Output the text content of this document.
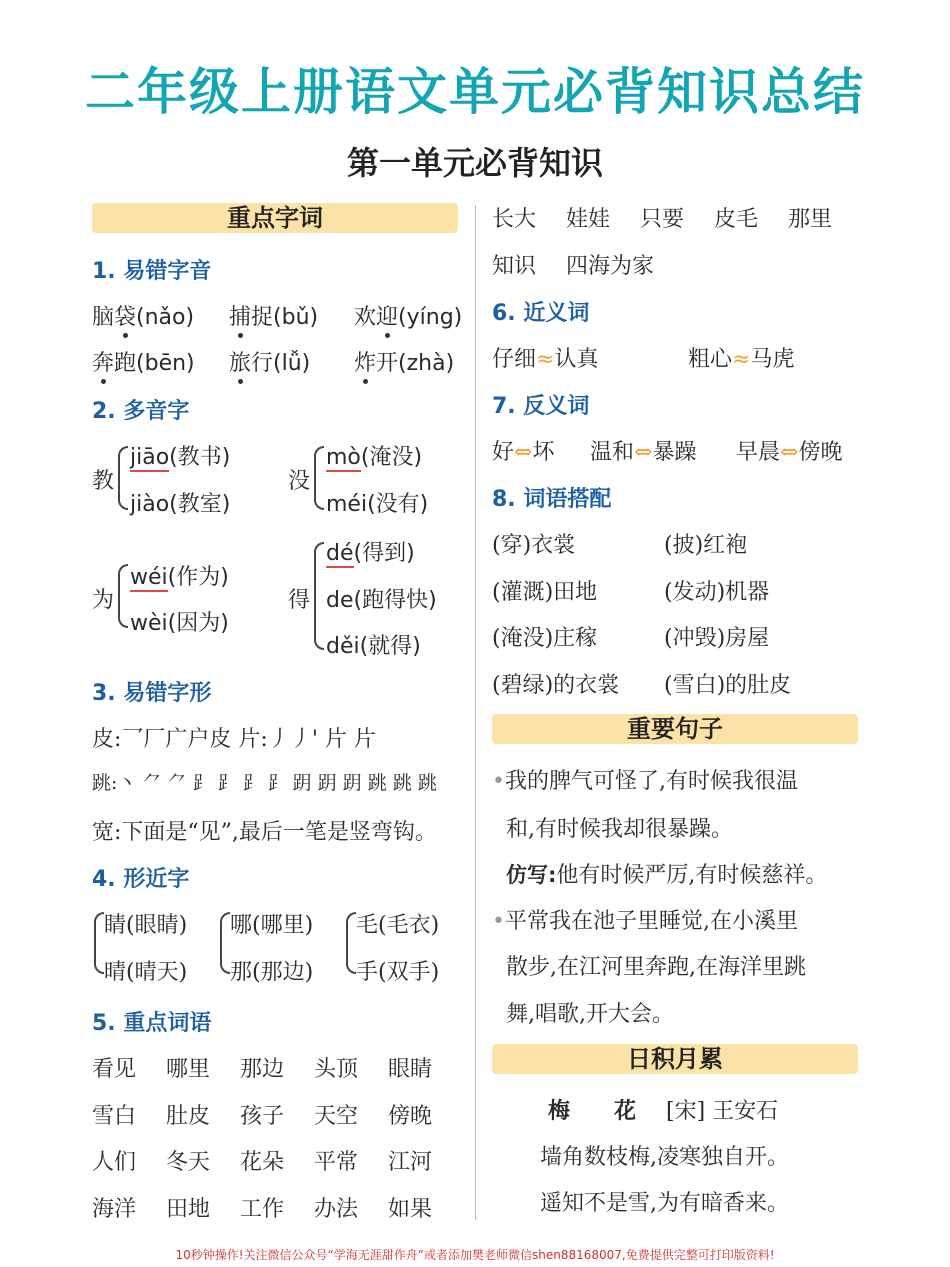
二年级上册语文单元必背知识总结
第一单元必背知识
重点字词
1. 易错字音
脑袋(nǎo) 捕捉(bǔ) 欢迎(yíng)
奔跑(bēn) 旅行(lǚ) 炸开(zhà)
2. 多音字
教
jiāo(教书)
jiào(教室)
没
mò(淹没)
méi(没有)
为
wéi(作为)
wèi(因为)
得
dé(得到)
de(跑得快)
děi(就得)
3. 易错字形
皮:乛厂广户皮 片:丿丿' 片 片
跳:丶 ⺈ ⺈ ⻊ ⻊ ⻊ ⻊ 跀 跀 跀 跳 跳 跳
宽:下面是“见”,最后一笔是竖弯钩。
4. 形近字
睛(眼睛)
晴(晴天)
哪(哪里)
那(那边)
毛(毛衣)
手(双手)
5. 重点词语
看见 哪里 那边 头顶 眼睛
雪白 肚皮 孩子 天空 傍晚
人们 冬天 花朵 平常 江河
海洋 田地 工作 办法 如果
长大 娃娃 只要 皮毛 那里
知识 四海为家
6. 近义词
仔细≈认真	粗心≈马虎
7. 反义词
好⇔坏 温和⇔暴躁 早晨⇔傍晚
8. 词语搭配
(穿)衣裳	(披)红袍
(灌溉)田地	(发动)机器
(淹没)庄稼	(冲毁)房屋
(碧绿)的衣裳 (雪白)的肚皮
重要句子
•我的脾气可怪了,有时候我很温
和,有时候我却很暴躁。
仿写:他有时候严厉,有时候慈祥。
•平常我在池子里睡觉,在小溪里
散步,在江河里奔跑,在海洋里跳
舞,唱歌,开大会。
日积月累
梅　　花 [宋] 王安石
墙角数枝梅,凌寒独自开。
遥知不是雪,为有暗香来。
10秒钟操作!关注微信公众号“学海无涯甜作舟”或者添加樊老师微信shen88168007,免费提供完整可打印版资料!
